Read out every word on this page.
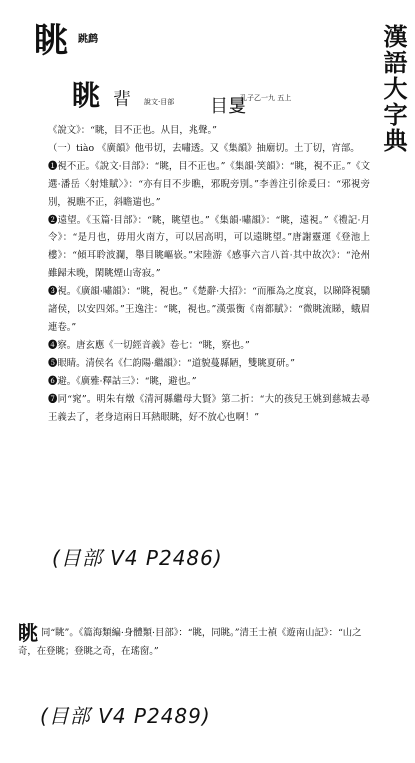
眺 跳鹧	漢語大字典
眺 𥇖 說文·目部 目𥄎
孔子乙一九 五上

《說文》：“眺，目不正也。从目，兆聲。”

（一）tiào 《廣韻》他弔切，去嘯透。又《集韻》抽廟切。土丁切，宵部。

❶視不正。《說文·目部》：“眺，目不正也。”《集韻·笑韻》：“眺，視不正。”《文選·潘岳〈射雉賦〉》：“亦有目不步瞧，邪睨旁別。”李善注引徐爰曰：“邪視旁別，視瞧不正，斜瞻遄也。”

❷遠望。《玉篇·目部》：“眺，眺望也。”《集韻·嘯韻》：“眺，遠視。”《禮記·月令》：“是月也，毋用火南方，可以居高明，可以遠眺望。”唐謝靈運《登池上樓》：“傾耳聆波瀾，舉目眺嶇嵚。”宋陸游《感事六言八首·其中故次》：“沧州雖歸未晚，閑眺煙山寄寂。”

❸視。《廣韻·嘯韻》：“眺，視也。”《楚辭·大招》：“而雁為之度哀，以睇降視驕諸侯，以安四郊。”王逸注：“眺，視也。”漢張衡《南都賦》：“微眺流睇，蛾眉連卷。”

❹察。唐玄應《一切經音義》卷七：“眺，察也。”

❺眼睛。清侯名《仁韵陽·繼韻》：“道貌蔓縣陋，雙眺夏研。”

❻避。《廣雅·釋詁三》：“眺，避也。”

❼同“窕”。明朱有燉《清河縣繼母大賢》第二折：“大的孩兒王姚到慈城去尋王義去了，老身這兩日耳熱眼眺，好不放心也啊！”

(目部 V4 P2486)
眺 同“眺”。《篇海類編·身體類·目部》：“眺，同眺。”清王士禎《遊南山記》：“山之奇，在登眺；登眺之奇，在瑤窗。”
(目部 V4 P2489)
